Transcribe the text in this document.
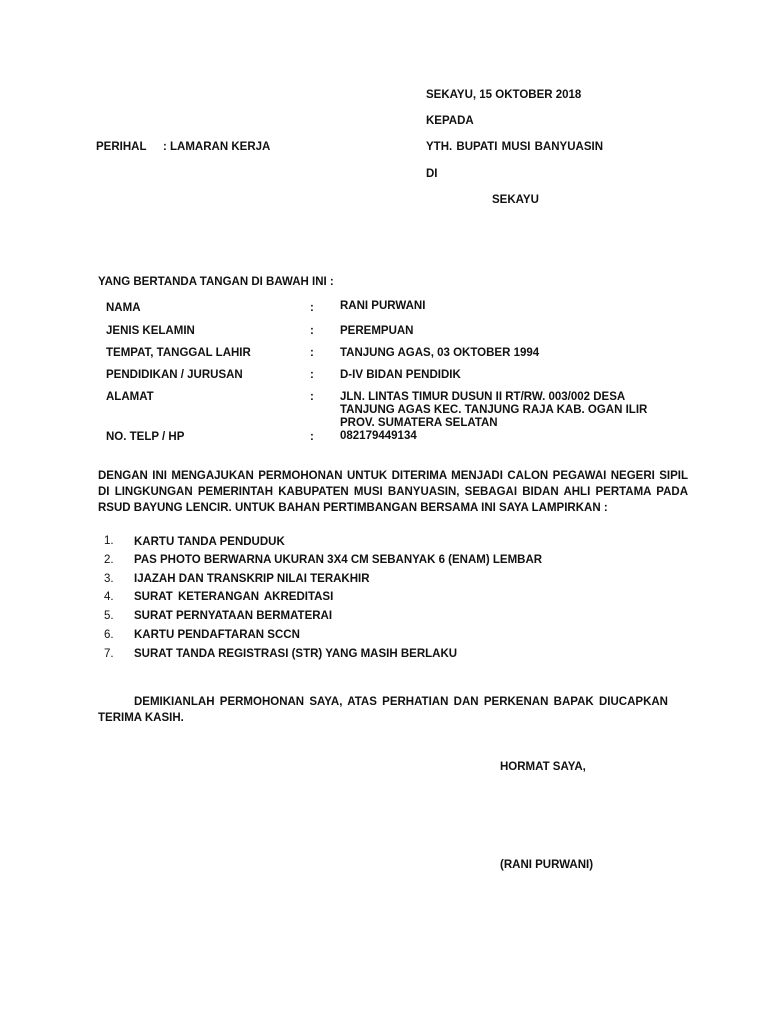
SEKAYU, 15 OKTOBER 2018
KEPADA
PERIHAL : LAMARAN KERJA	YTH. BUPATI MUSI BANYUASIN
DI
SEKAYU
YANG BERTANDA TANGAN DI BAWAH INI :
NAMA	: RANI PURWANI
JENIS KELAMIN	: PEREMPUAN
TEMPAT, TANGGAL LAHIR	: TANJUNG AGAS, 03 OKTOBER 1994
PENDIDIKAN / JURUSAN	: D-IV BIDAN PENDIDIK
ALAMAT	: JLN. LINTAS TIMUR DUSUN II RT/RW. 003/002 DESA
TANJUNG AGAS KEC. TANJUNG RAJA KAB. OGAN ILIR
PROV. SUMATERA SELATAN
NO. TELP / HP	: 082179449134
DENGAN INI MENGAJUKAN PERMOHONAN UNTUK DITERIMA MENJADI CALON PEGAWAI NEGERI SIPIL DI LINGKUNGAN PEMERINTAH KABUPATEN MUSI BANYUASIN, SEBAGAI BIDAN AHLI PERTAMA PADA RSUD BAYUNG LENCIR. UNTUK BAHAN PERTIMBANGAN BERSAMA INI SAYA LAMPIRKAN :
1. KARTU TANDA PENDUDUK
2. PAS PHOTO BERWARNA UKURAN 3X4 CM SEBANYAK 6 (ENAM) LEMBAR
3. IJAZAH DAN TRANSKRIP NILAI TERAKHIR
4. SURAT KETERANGAN AKREDITASI
5. SURAT PERNYATAAN BERMATERAI
6. KARTU PENDAFTARAN SCCN
7. SURAT TANDA REGISTRASI (STR) YANG MASIH BERLAKU
DEMIKIANLAH PERMOHONAN SAYA, ATAS PERHATIAN DAN PERKENAN BAPAK DIUCAPKAN TERIMA KASIH.
HORMAT SAYA,
(RANI PURWANI)
